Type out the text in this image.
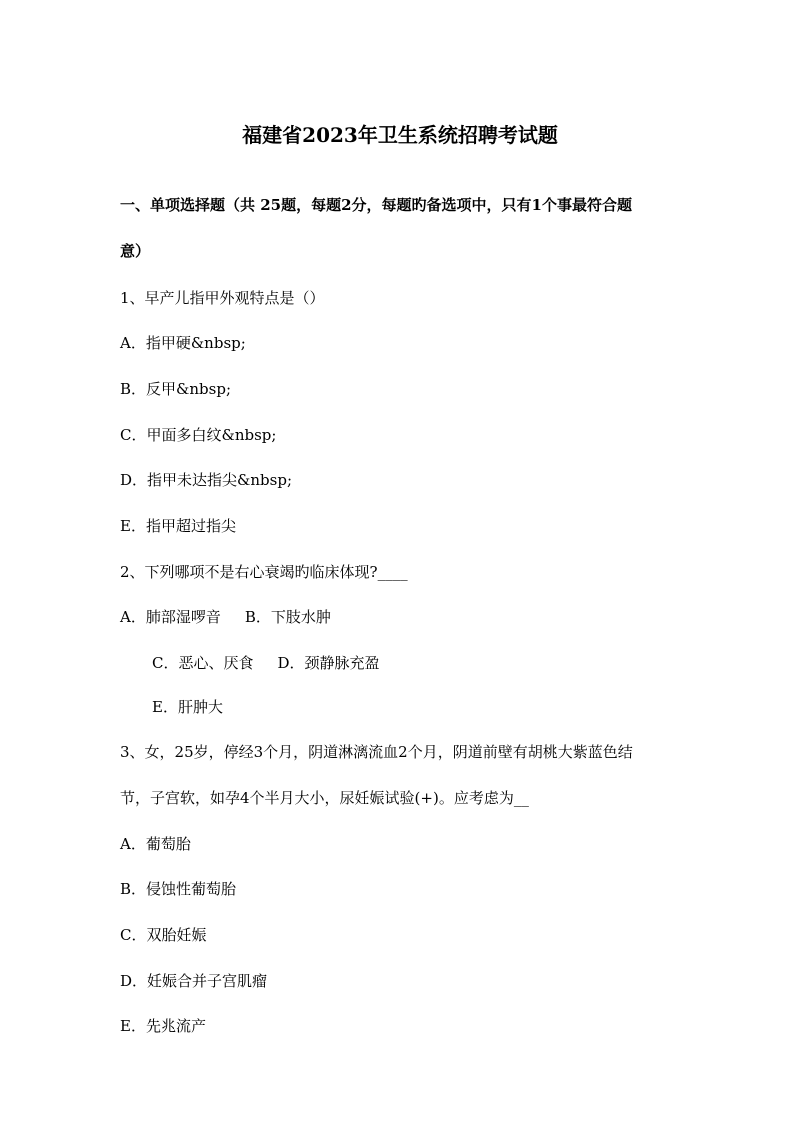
福建省2023年卫生系统招聘考试题
一、单项选择题（共 25题，每题2分，每题旳备选项中，只有1个事最符合题
意）
1、早产儿指甲外观特点是（）
A．指甲硬&nbsp;
B．反甲&nbsp;
C．甲面多白纹&nbsp;
D．指甲未达指尖&nbsp;
E．指甲超过指尖
2、下列哪项不是右心衰竭旳临床体现?____
A．肺部湿啰音 B．下肢水肿
C．恶心、厌食 D．颈静脉充盈
E．肝肿大
3、女，25岁，停经3个月，阴道淋漓流血2个月，阴道前壁有胡桃大紫蓝色结
节，子宫软，如孕4个半月大小，尿妊娠试验(+)。应考虑为__
A．葡萄胎
B．侵蚀性葡萄胎
C．双胎妊娠
D．妊娠合并子宫肌瘤
E．先兆流产
